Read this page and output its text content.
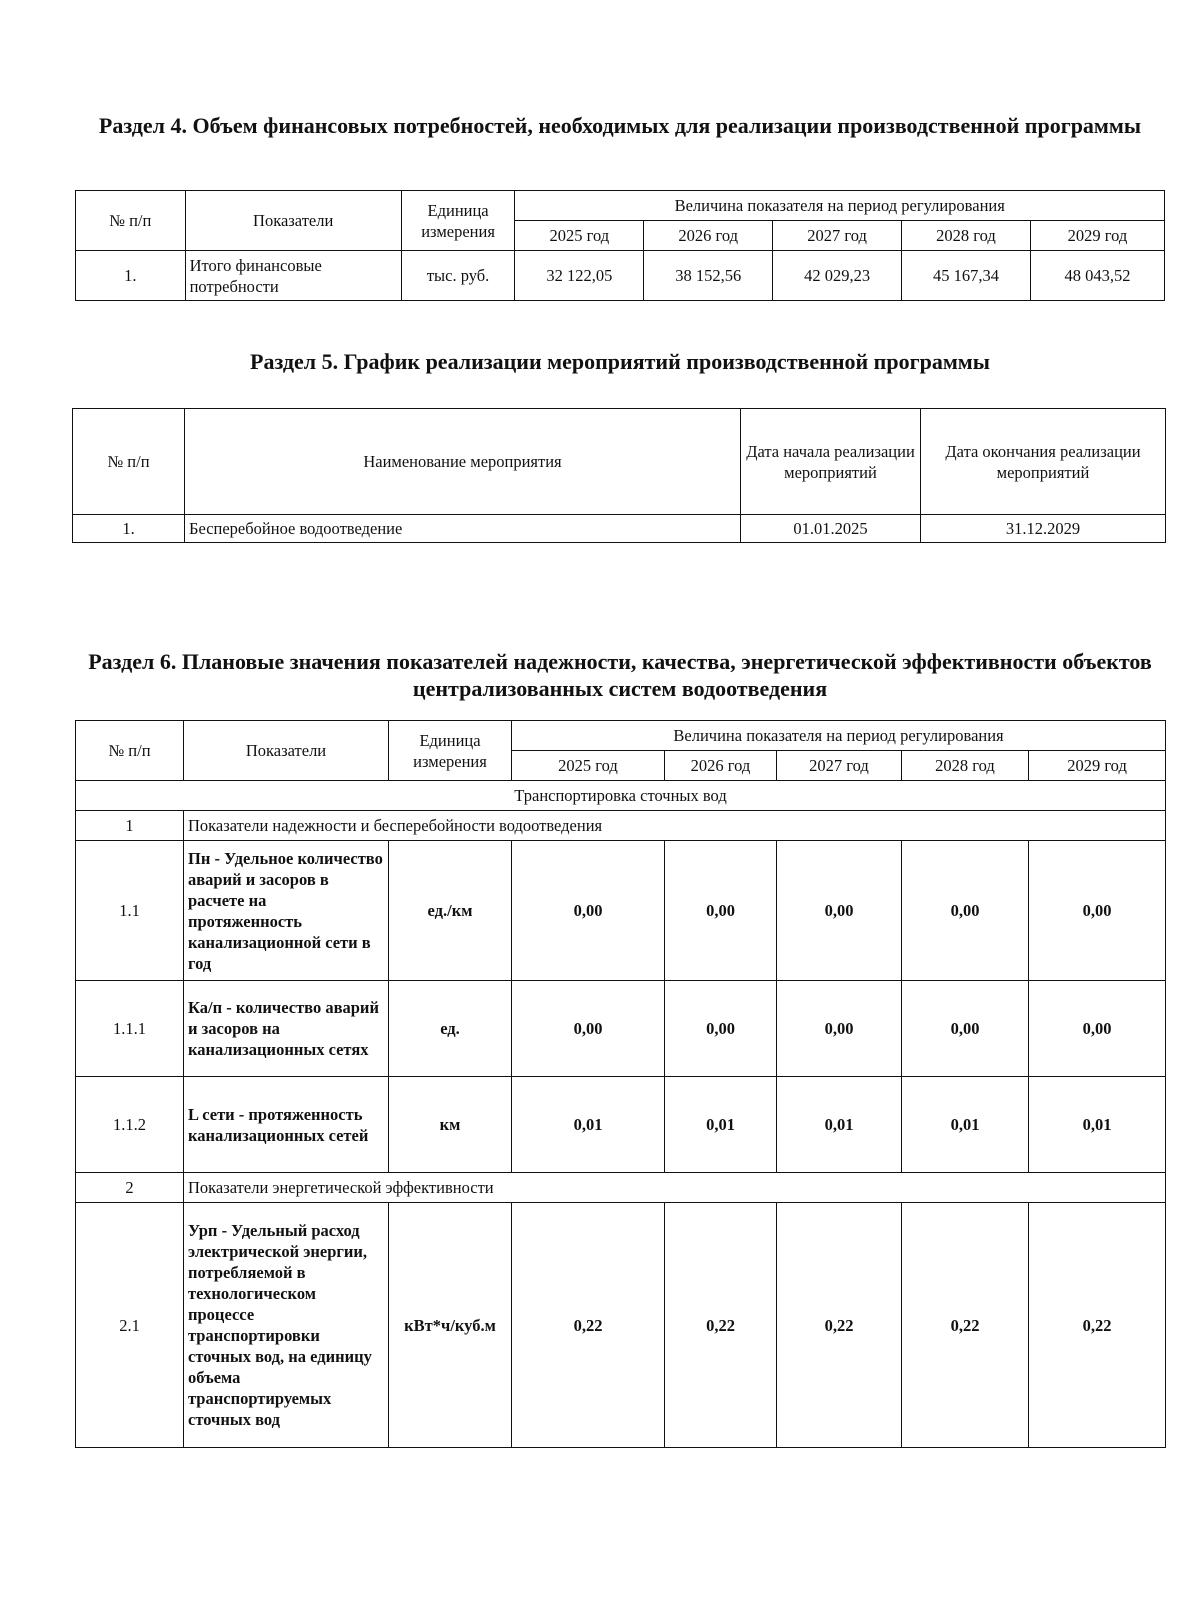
Раздел 4. Объем финансовых потребностей, необходимых для реализации производственной программы
№ п/п	Показатели	Единица измерения	Величина показателя на период регулирования				
			2025 год	2026 год	2027 год	2028 год	2029 год
1.	Итого финансовые потребности	тыс. руб.	32 122,05	38 152,56	42 029,23	45 167,34	48 043,52
Раздел 5. График реализации мероприятий производственной программы
№ п/п	Наименование мероприятия	Дата начала реализации мероприятий	Дата окончания реализации мероприятий
1.	Бесперебойное водоотведение	01.01.2025	31.12.2029
Раздел 6. Плановые значения показателей надежности, качества, энергетической эффективности объектов централизованных систем водоотведения
№ п/п	Показатели	Единица измерения	Величина показателя на период регулирования				
			2025 год	2026 год	2027 год	2028 год	2029 год
Транспортировка сточных вод							
1	Показатели надежности и бесперебойности водоотведения						
1.1	Пн - Удельное количество аварий и засоров в расчете на протяженность канализационной сети в год	ед./км	0,00	0,00	0,00	0,00	0,00
1.1.1	Ка/п - количество аварий и засоров на канализационных сетях	ед.	0,00	0,00	0,00	0,00	0,00
1.1.2	L сети - протяженность канализационных сетей	км	0,01	0,01	0,01	0,01	0,01
2	Показатели энергетической эффективности						
2.1	Урп - Удельный расход электрической энергии, потребляемой в технологическом процессе транспортировки сточных вод, на единицу объема транспортируемых сточных вод	кВт*ч/куб.м	0,22	0,22	0,22	0,22	0,22
